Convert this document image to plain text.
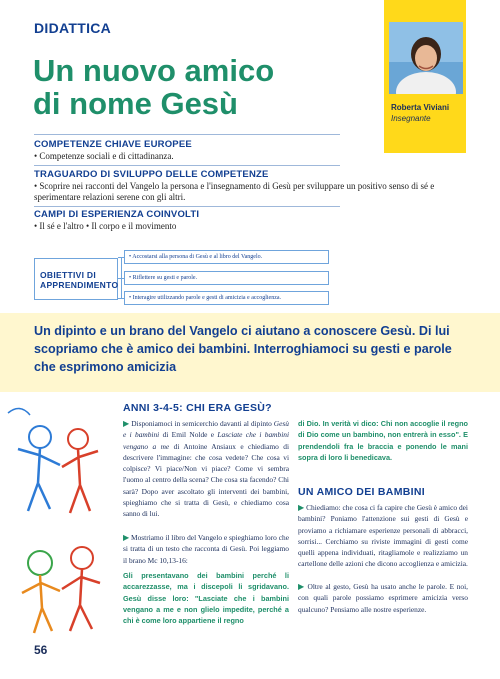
Roberta Viviani
Insegnante
DIDATTICA
Un nuovo amico
di nome Gesù
COMPETENZE CHIAVE EUROPEE
• Competenze sociali e di cittadinanza.
TRAGUARDO DI SVILUPPO DELLE COMPETENZE
• Scoprire nei racconti del Vangelo la persona e l'insegnamento di Gesù per sviluppare un positivo senso di sé e sperimentare relazioni serene con gli altri.
CAMPI DI ESPERIENZA COINVOLTI
• Il sé e l'altro • Il corpo e il movimento
OBIETTIVI DI
APPRENDIMENTO
• Accostarsi alla persona di Gesù e al libro del Vangelo.
• Riflettere su gesti e parole.
• Interagire utilizzando parole e gesti di amicizia e accoglienza.
Un dipinto e un brano del Vangelo ci aiutano a conoscere Gesù. Di lui scopriamo che è amico dei bambini. Interroghiamoci su gesti e parole che esprimono amicizia
ANNI 3-4-5: CHI ERA GESÙ?
▶ Disponiamoci in semicerchio davanti al dipinto Gesù e i bambini di Emil Nolde e Lasciate che i bambini vengano a me di Antoine Ansiaux e chiediamo di descrivere l'immagine: che cosa vedete? Che cosa vi colpisce? Vi piace/Non vi piace? Come vi sembra l'uomo al centro della scena? Che cosa sta facendo? Chi sarà? Dopo aver ascoltato gli interventi dei bambini, spieghiamo che si tratta di Gesù, e chiediamo cosa sanno di lui.
▶ Mostriamo il libro del Vangelo e spieghiamo loro che si tratta di un testo che racconta di Gesù. Poi leggiamo il brano Mc 10,13-16:
Gli presentavano dei bambini perché li accarezzasse, ma i discepoli li sgridavano. Gesù disse loro: "Lasciate che i bambini vengano a me e non glielo impedite, perché a chi è come loro appartiene il regno
di Dio. In verità vi dico: Chi non accoglie il regno di Dio come un bambino, non entrerà in esso". E prendendoli fra le braccia e ponendo le mani sopra di loro li benedicava.
UN AMICO DEI BAMBINI
▶ Chiediamo: che cosa ci fa capire che Gesù è amico dei bambini? Poniamo l'attenzione sui gesti di Gesù e proviamo a richiamare esperienze personali di abbracci, sorrisi... Cerchiamo su riviste immagini di gesti come quelli appena individuati, ritagliamole e realizziamo un cartellone delle azioni che dicono accoglienza e amicizia.
▶ Oltre al gesto, Gesù ha usato anche le parole. E noi, con quali parole possiamo esprimere amicizia verso qualcuno? Pensiamo alle nostre esperienze.
56
